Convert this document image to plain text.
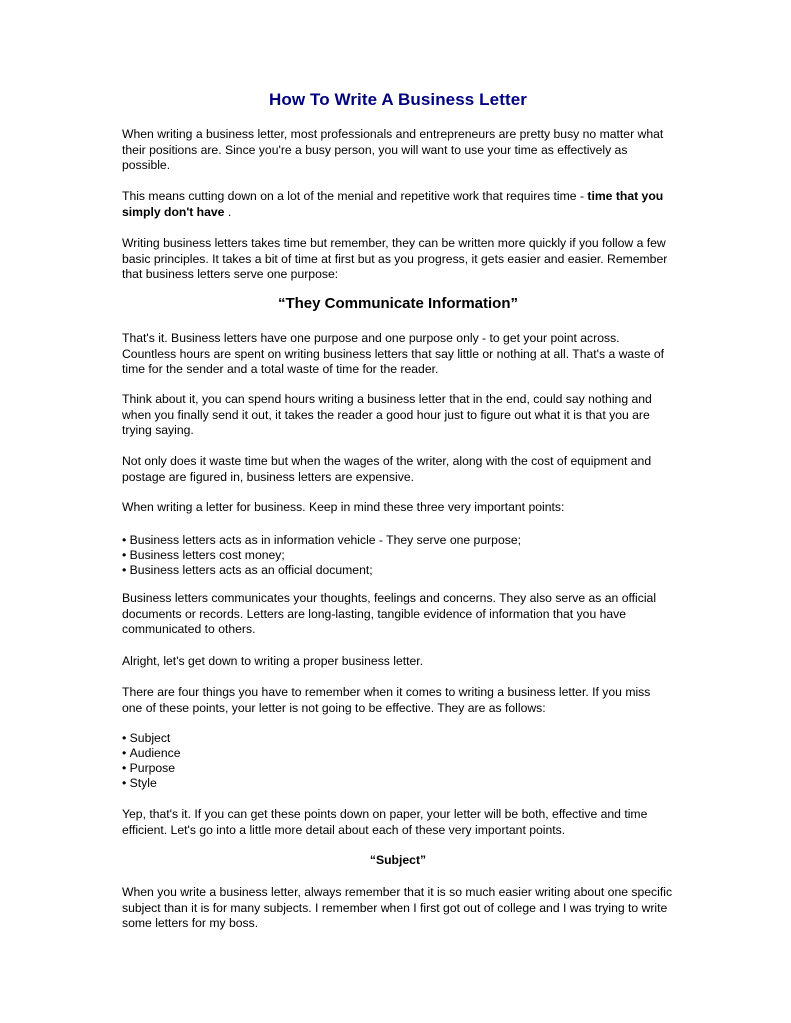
How To Write A Business Letter

When writing a business letter, most professionals and entrepreneurs are pretty busy no matter what their positions are. Since you're a busy person, you will want to use your time as effectively as possible.

This means cutting down on a lot of the menial and repetitive work that requires time - time that you simply don't have .

Writing business letters takes time but remember, they can be written more quickly if you follow a few basic principles. It takes a bit of time at first but as you progress, it gets easier and easier. Remember that business letters serve one purpose:

“They Communicate Information”

That's it. Business letters have one purpose and one purpose only - to get your point across. Countless hours are spent on writing business letters that say little or nothing at all. That's a waste of time for the sender and a total waste of time for the reader.

Think about it, you can spend hours writing a business letter that in the end, could say nothing and when you finally send it out, it takes the reader a good hour just to figure out what it is that you are trying saying.

Not only does it waste time but when the wages of the writer, along with the cost of equipment and postage are figured in, business letters are expensive.

When writing a letter for business. Keep in mind these three very important points:

• Business letters acts as in information vehicle - They serve one purpose;
• Business letters cost money;
• Business letters acts as an official document;

Business letters communicates your thoughts, feelings and concerns. They also serve as an official documents or records. Letters are long-lasting, tangible evidence of information that you have communicated to others.

Alright, let's get down to writing a proper business letter.

There are four things you have to remember when it comes to writing a business letter. If you miss one of these points, your letter is not going to be effective. They are as follows:

• Subject
• Audience
• Purpose
• Style

Yep, that's it. If you can get these points down on paper, your letter will be both, effective and time efficient. Let's go into a little more detail about each of these very important points.

“Subject”

When you write a business letter, always remember that it is so much easier writing about one specific subject than it is for many subjects. I remember when I first got out of college and I was trying to write some letters for my boss.
